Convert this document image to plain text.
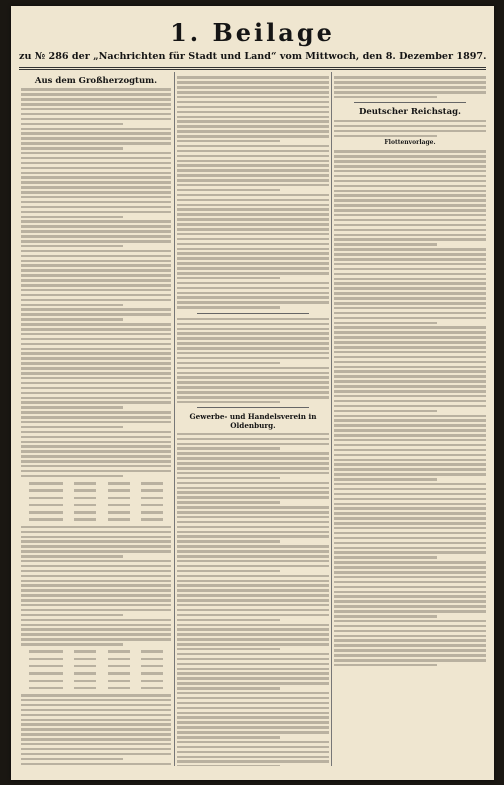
1. Beilage
zu № 286 der „Nachrichten für Stadt und Land“ vom Mittwoch, den 8. Dezember 1897.
Aus dem Großherzogtum.
Gewerbe- und Handelsverein in Oldenburg.
Deutscher Reichstag.
Flottenvorlage.
